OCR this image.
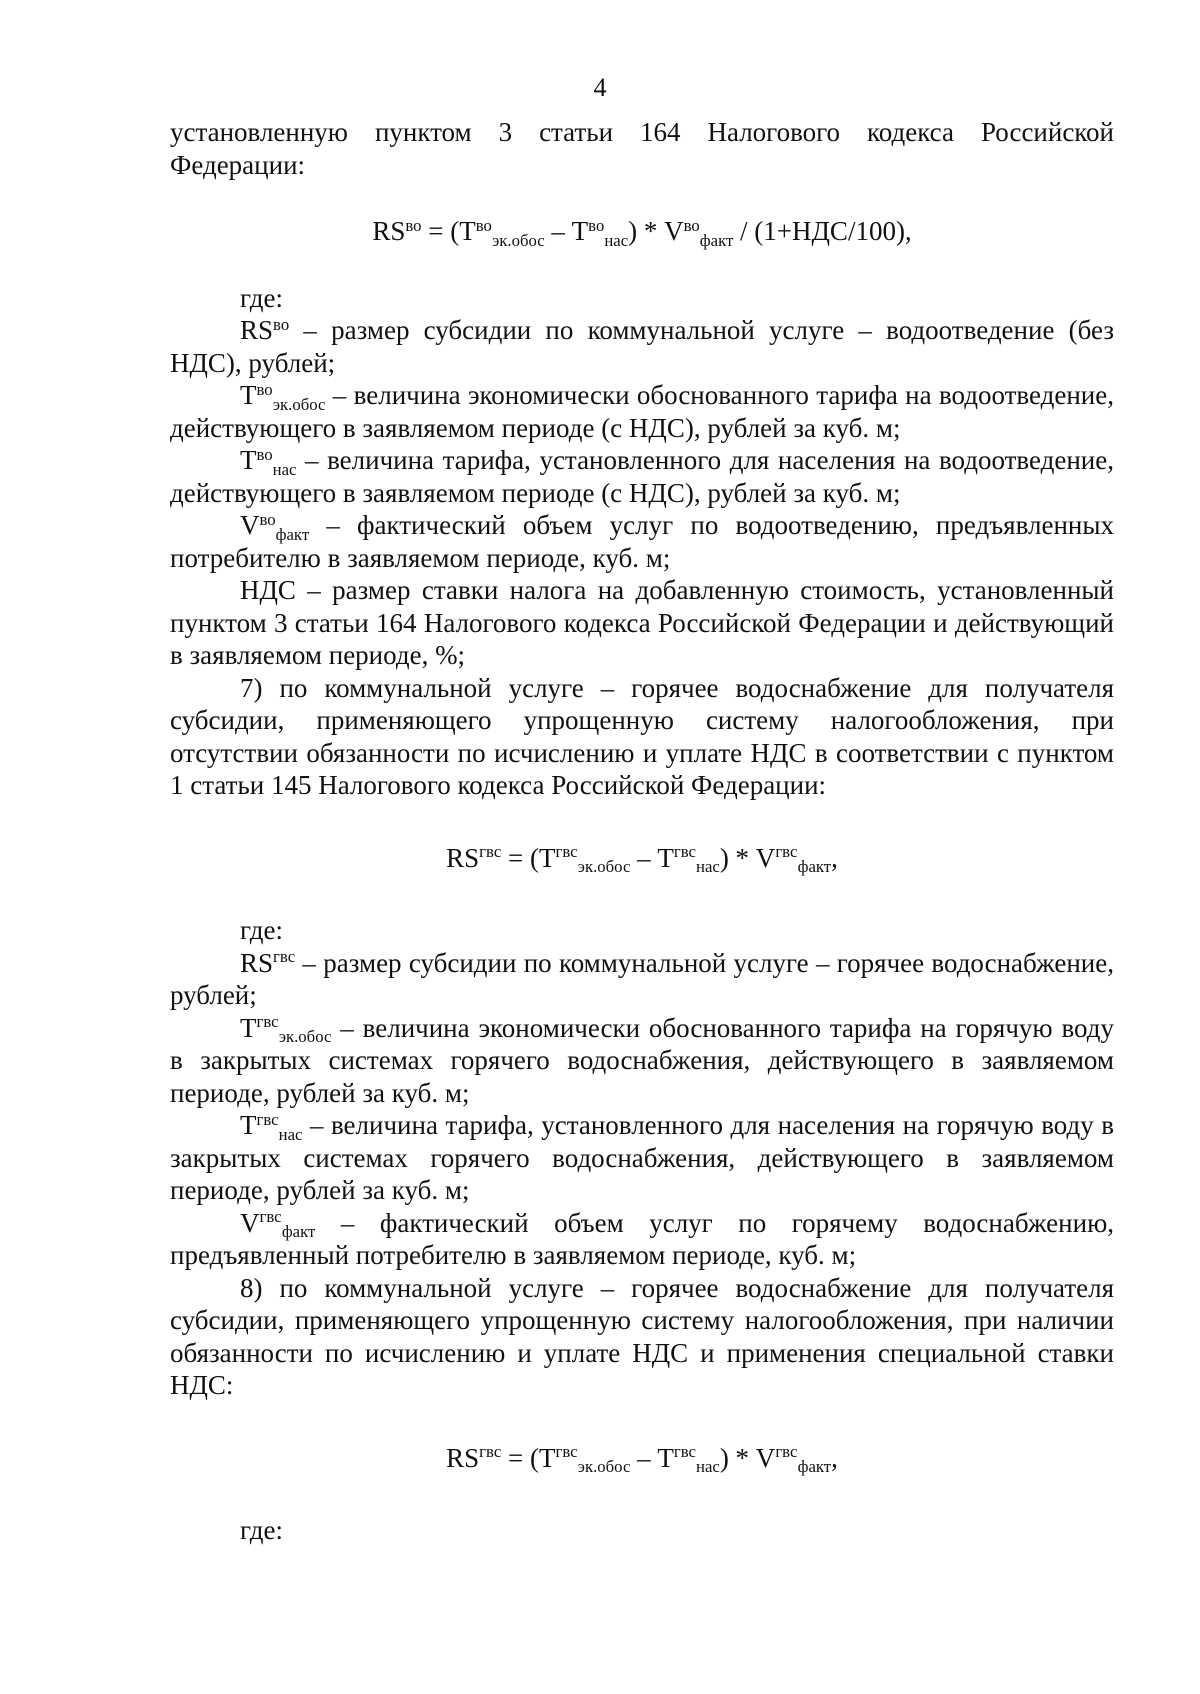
4

установленную пунктом 3 статьи 164 Налогового кодекса Российской Федерации:

$RS^{во} = (Т^{во}_{эк.обос} - Т^{во}_{нас}) * V^{во}_{факт} / (1+НДС/100)$,

где:

$RS^{во}$ – размер субсидии по коммунальной услуге – водоотведение (без НДС), рублей;

$Т^{во}_{эк.обос}$ – величина экономически обоснованного тарифа на водоотведение, действующего в заявляемом периоде (с НДС), рублей за куб. м;

$Т^{во}_{нас}$ – величина тарифа, установленного для населения на водоотведение, действующего в заявляемом периоде (с НДС), рублей за куб. м;

$V^{во}_{факт}$ – фактический объем услуг по водоотведению, предъявленных потребителю в заявляемом периоде, куб. м;

НДС – размер ставки налога на добавленную стоимость, установленный пунктом 3 статьи 164 Налогового кодекса Российской Федерации и действующий в заявляемом периоде, %;

7) по коммунальной услуге – горячее водоснабжение для получателя субсидии, применяющего упрощенную систему налогообложения, при отсутствии обязанности по исчислению и уплате НДС в соответствии с пунктом 1 статьи 145 Налогового кодекса Российской Федерации:

$RS^{гвс} = (Т^{гвс}_{эк.обос} - Т^{гвс}_{нас}) * V^{гвс}_{факт}$,

где:

$RS^{гвс}$ – размер субсидии по коммунальной услуге – горячее водоснабжение, рублей;

$Т^{гвс}_{эк.обос}$ – величина экономически обоснованного тарифа на горячую воду в закрытых системах горячего водоснабжения, действующего в заявляемом периоде, рублей за куб. м;

$Т^{гвс}_{нас}$ – величина тарифа, установленного для населения на горячую воду в закрытых системах горячего водоснабжения, действующего в заявляемом периоде, рублей за куб. м;

$V^{гвс}_{факт}$ – фактический объем услуг по горячему водоснабжению, предъявленный потребителю в заявляемом периоде, куб. м;

8) по коммунальной услуге – горячее водоснабжение для получателя субсидии, применяющего упрощенную систему налогообложения, при наличии обязанности по исчислению и уплате НДС и применения специальной ставки НДС:

$RS^{гвс} = (Т^{гвс}_{эк.обос} - Т^{гвс}_{нас}) * V^{гвс}_{факт}$,

где:
